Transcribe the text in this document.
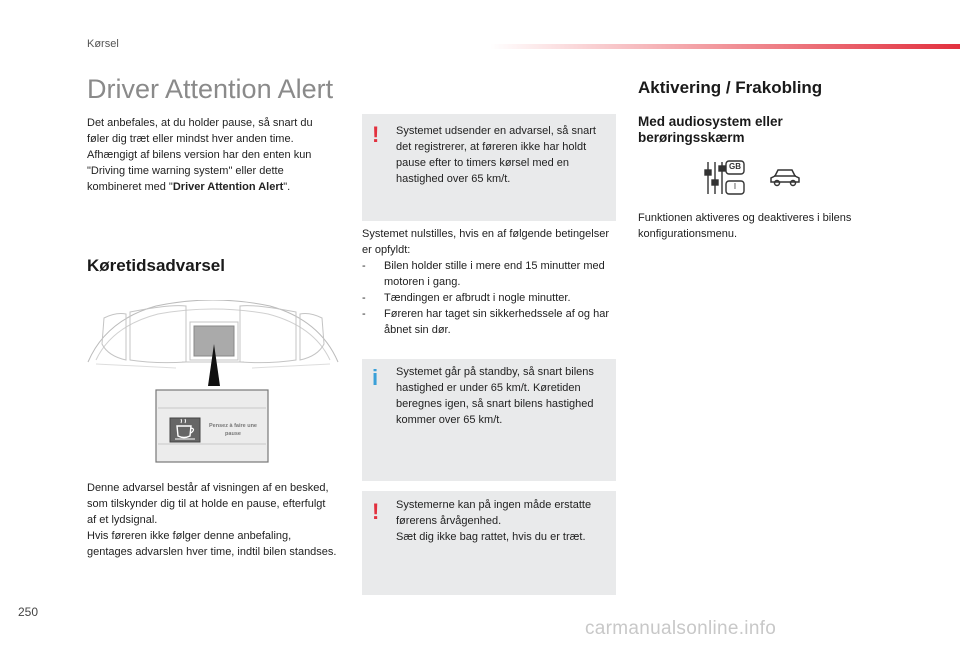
Kørsel
Driver Attention Alert
Det anbefales, at du holder pause, så snart du føler dig træt eller mindst hver anden time. Afhængigt af bilens version har den enten kun "Driving time warning system" eller dette kombineret med "Driver Attention Alert".
Køretidsadvarsel
Pensez à faire une pause
Denne advarsel består af visningen af en besked, som tilskynder dig til at holde en pause, efterfulgt af et lydsignal.
Hvis føreren ikke følger denne anbefaling, gentages advarslen hver time, indtil bilen standses.
! Systemet udsender en advarsel, så snart det registrerer, at føreren ikke har holdt pause efter to timers kørsel med en hastighed over 65 km/t.
Systemet nulstilles, hvis en af følgende betingelser er opfyldt:
- Bilen holder stille i mere end 15 minutter med motoren i gang.
- Tændingen er afbrudt i nogle minutter.
- Føreren har taget sin sikkerhedssele af og har åbnet sin dør.
i Systemet går på standby, så snart bilens hastighed er under 65 km/t. Køretiden beregnes igen, så snart bilens hastighed kommer over 65 km/t.
! Systemerne kan på ingen måde erstatte førerens årvågenhed.
Sæt dig ikke bag rattet, hvis du er træt.
Aktivering / Frakobling
Med audiosystem eller berøringsskærm
GB
I
Funktionen aktiveres og deaktiveres i bilens konfigurationsmenu.
250
carmanualsonline.info
